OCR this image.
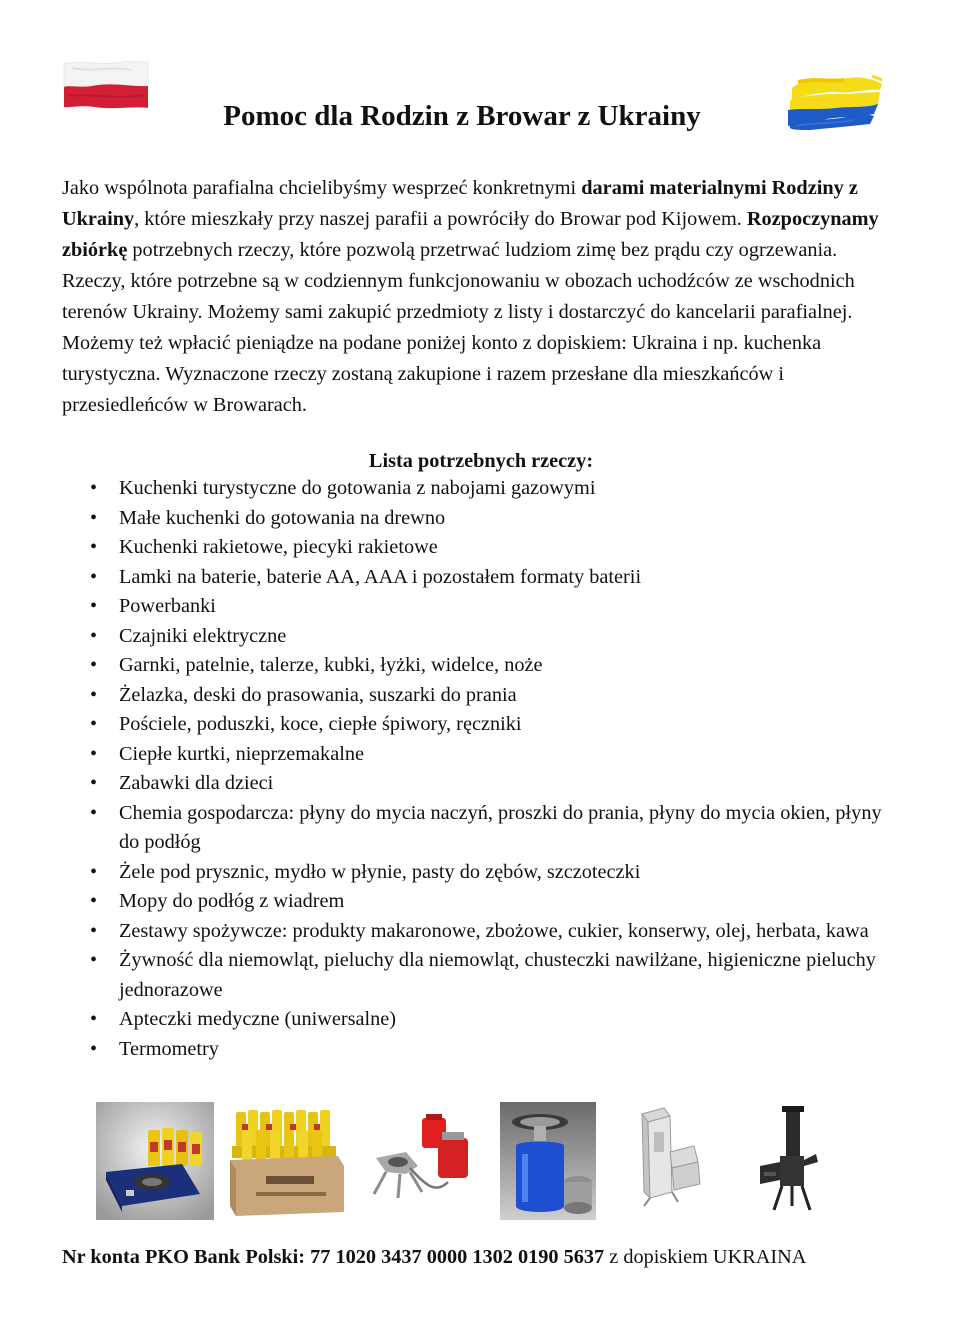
Pomoc dla Rodzin z Browar z Ukrainy

Jako wspólnota parafialna chcielibyśmy wesprzeć konkretnymi darami materialnymi Rodziny z Ukrainy, które mieszkały przy naszej parafii a powróciły do Browar pod Kijowem. Rozpoczynamy zbiórkę potrzebnych rzeczy, które pozwolą przetrwać ludziom zimę bez prądu czy ogrzewania. Rzeczy, które potrzebne są w codziennym funkcjonowaniu w obozach uchodźców ze wschodnich terenów Ukrainy. Możemy sami zakupić przedmioty z listy i dostarczyć do kancelarii parafialnej. Możemy też wpłacić pieniądze na podane poniżej konto z dopiskiem: Ukraina i np. kuchenka turystyczna. Wyznaczone rzeczy zostaną zakupione i razem przesłane dla mieszkańców i przesiedleńców w Browarach.

Lista potrzebnych rzeczy:
• Kuchenki turystyczne do gotowania z nabojami gazowymi
• Małe kuchenki do gotowania na drewno
• Kuchenki rakietowe, piecyki rakietowe
• Lamki na baterie, baterie AA, AAA i pozostałem formaty baterii
• Powerbanki
• Czajniki elektryczne
• Garnki, patelnie, talerze, kubki, łyżki, widelce, noże
• Żelazka, deski do prasowania, suszarki do prania
• Pościele, poduszki, koce, ciepłe śpiwory, ręczniki
• Ciepłe kurtki, nieprzemakalne
• Zabawki dla dzieci
• Chemia gospodarcza: płyny do mycia naczyń, proszki do prania, płyny do mycia okien, płyny do podłóg
• Żele pod prysznic, mydło w płynie, pasty do zębów, szczoteczki
• Mopy do podłóg z wiadrem
• Zestawy spożywcze: produkty makaronowe, zbożowe, cukier, konserwy, olej, herbata, kawa
• Żywność dla niemowląt, pieluchy dla niemowląt, chusteczki nawilżane, higieniczne pieluchy jednorazowe
• Apteczki medyczne (uniwersalne)
• Termometry

Nr konta PKO Bank Polski: 77 1020 3437 0000 1302 0190 5637 z dopiskiem UKRAINA
